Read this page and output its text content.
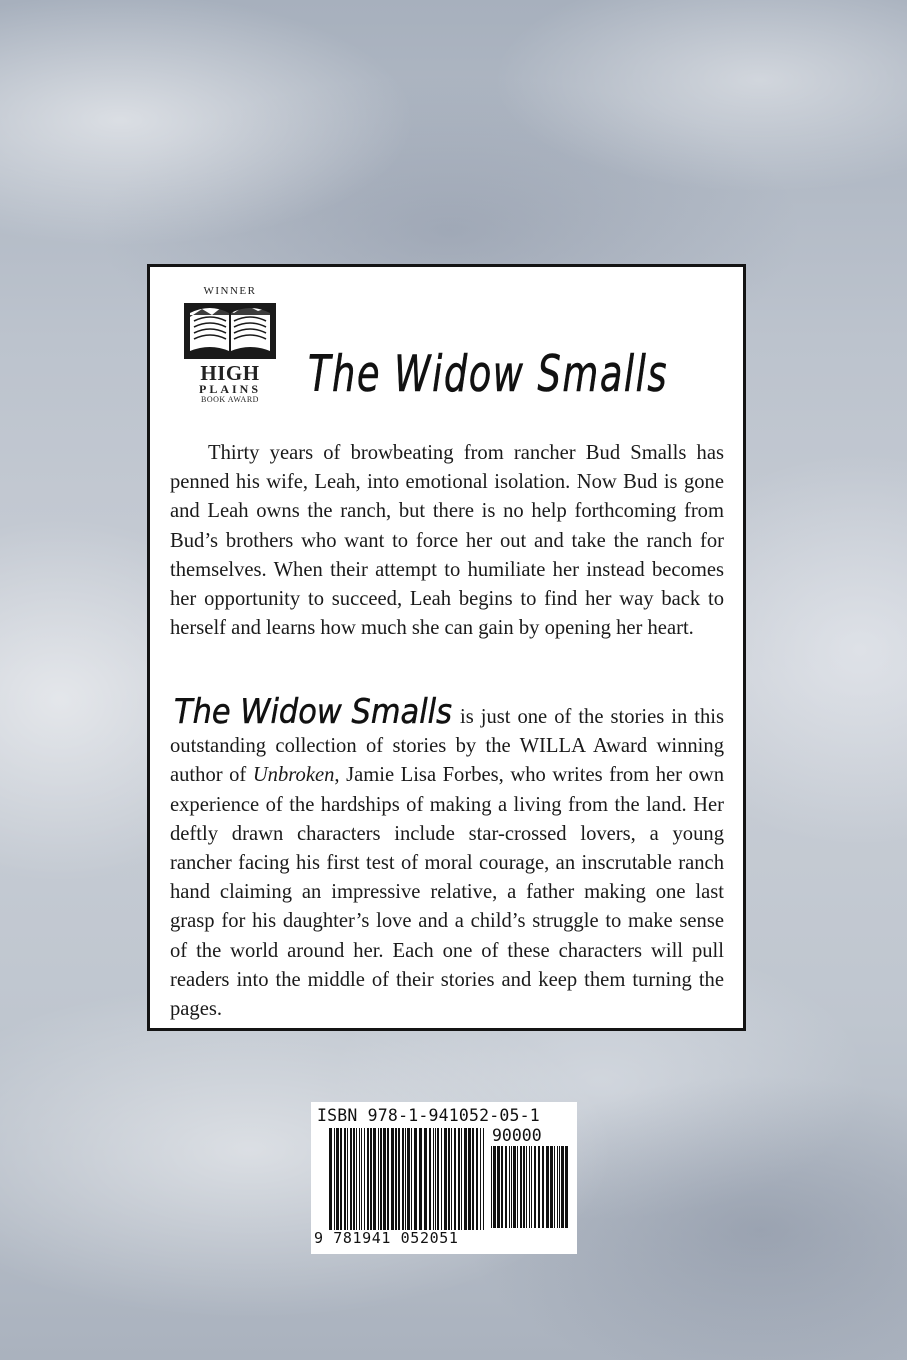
WINNER
HIGH
PLAINS
BOOK AWARD The Widow Smalls

Thirty years of browbeating from rancher Bud Smalls has penned his wife, Leah, into emotional isolation. Now Bud is gone and Leah owns the ranch, but there is no help forthcoming from Bud’s brothers who want to force her out and take the ranch for themselves. When their attempt to humiliate her instead becomes her opportunity to succeed, Leah begins to find her way back to herself and learns how much she can gain by opening her heart.

The Widow Smalls is just one of the stories in this outstanding collection of stories by the WILLA Award winning author of Unbroken, Jamie Lisa Forbes, who writes from her own experience of the hardships of making a living from the land. Her deftly drawn characters include star-crossed lovers, a young rancher facing his first test of moral courage, an inscrutable ranch hand claiming an impressive relative, a father making one last grasp for his daughter’s love and a child’s struggle to make sense of the world around her. Each one of these characters will pull readers into the middle of their stories and keep them turning the pages.

ISBN 978-1-941052-05-1
90000
9 781941 052051
